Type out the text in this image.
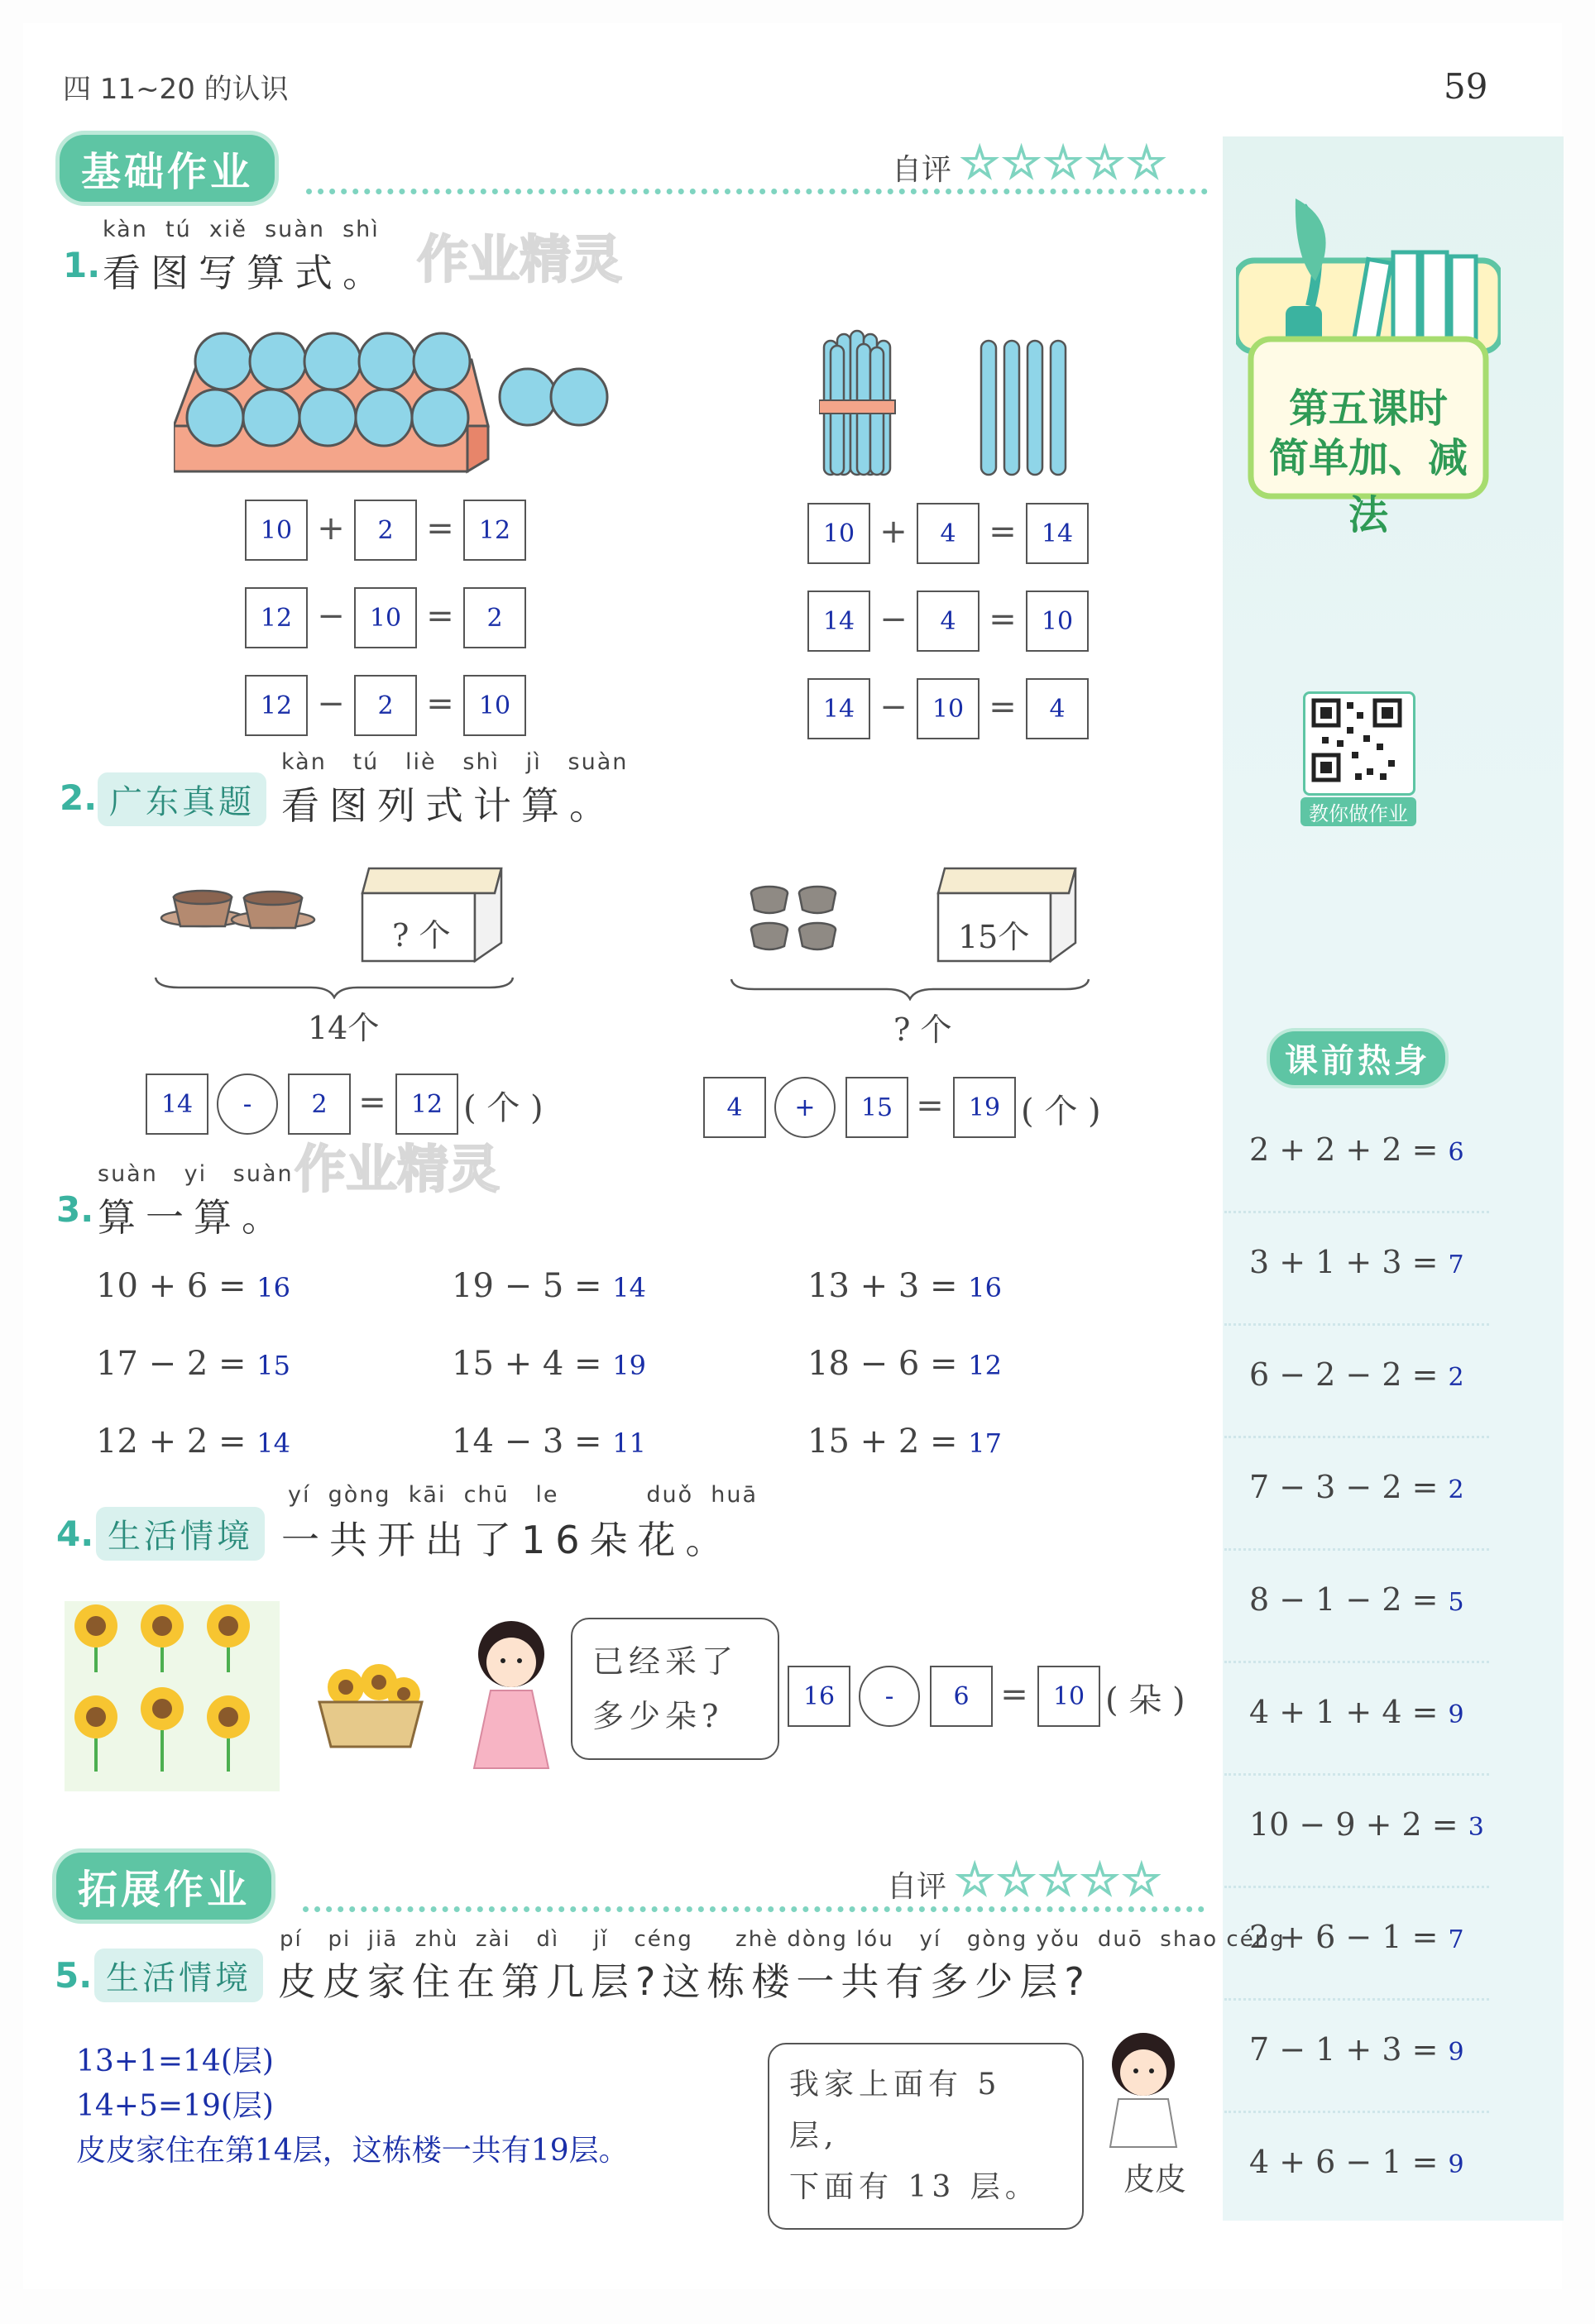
四 11~20 的认识	59
第五课时
简单加、减法
教你做作业
课前热身
2 + 2 + 2 = 6
3 + 1 + 3 = 7
6 − 2 − 2 = 2
7 − 3 − 2 = 2
8 − 1 − 2 = 5
4 + 1 + 4 = 9
10 − 9 + 2 = 3
2 + 6 − 1 = 7
7 − 1 + 3 = 9
4 + 6 − 1 = 9
基础作业	自评 ☆☆☆☆☆
kàn  tú  xiě  suàn  shì
1. 看图写算式。 作业精灵
10 +	2 =	12
12 −	10 =	2
12 −	2 =	10
10 +	4 =	14
14 −	4 =	10
14 −	10 =	4
kàn   tú   liè   shì   jì   suàn
2. 广东真题 看图列式计算。
? 个
14个
15个
? 个
14	-	2 =	12 ( 个 )	4	+	15 =	19 ( 个 )
作业精灵
suàn   yi   suàn
3. 算一算。
10 + 6 = 16	19 − 5 = 14	13 + 3 = 16
17 − 2 = 15	15 + 4 = 19	18 − 6 = 12
12 + 2 = 14	14 − 3 = 11	15 + 2 = 17
yí  gòng  kāi  chū   le          duǒ  huā
4. 生活情境 一共开出了16朵花。
已经采了
多少朵?
16	-	6 =	10 ( 朵 )
拓展作业	自评 ☆☆☆☆☆
pí   pi  jiā  zhù  zài   dì    jǐ   céng     zhè dòng lóu   yí   gòng yǒu  duō  shao céng
5. 生活情境 皮皮家住在第几层?这栋楼一共有多少层?
13+1=14(层)
14+5=19(层)
皮皮家住在第14层，这栋楼一共有19层。
我家上面有 5 层,
下面有 13 层。	皮皮
